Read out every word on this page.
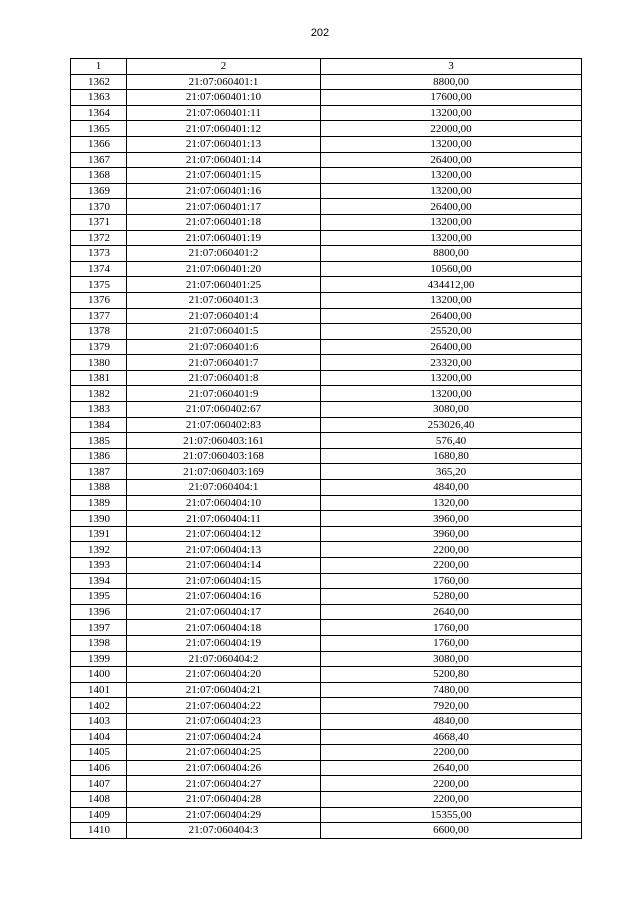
202
1	2	3
1362	21:07:060401:1	8800,00
1363	21:07:060401:10	17600,00
1364	21:07:060401:11	13200,00
1365	21:07:060401:12	22000,00
1366	21:07:060401:13	13200,00
1367	21:07:060401:14	26400,00
1368	21:07:060401:15	13200,00
1369	21:07:060401:16	13200,00
1370	21:07:060401:17	26400,00
1371	21:07:060401:18	13200,00
1372	21:07:060401:19	13200,00
1373	21:07:060401:2	8800,00
1374	21:07:060401:20	10560,00
1375	21:07:060401:25	434412,00
1376	21:07:060401:3	13200,00
1377	21:07:060401:4	26400,00
1378	21:07:060401:5	25520,00
1379	21:07:060401:6	26400,00
1380	21:07:060401:7	23320,00
1381	21:07:060401:8	13200,00
1382	21:07:060401:9	13200,00
1383	21:07:060402:67	3080,00
1384	21:07:060402:83	253026,40
1385	21:07:060403:161	576,40
1386	21:07:060403:168	1680,80
1387	21:07:060403:169	365,20
1388	21:07:060404:1	4840,00
1389	21:07:060404:10	1320,00
1390	21:07:060404:11	3960,00
1391	21:07:060404:12	3960,00
1392	21:07:060404:13	2200,00
1393	21:07:060404:14	2200,00
1394	21:07:060404:15	1760,00
1395	21:07:060404:16	5280,00
1396	21:07:060404:17	2640,00
1397	21:07:060404:18	1760,00
1398	21:07:060404:19	1760,00
1399	21:07:060404:2	3080,00
1400	21:07:060404:20	5200,80
1401	21:07:060404:21	7480,00
1402	21:07:060404:22	7920,00
1403	21:07:060404:23	4840,00
1404	21:07:060404:24	4668,40
1405	21:07:060404:25	2200,00
1406	21:07:060404:26	2640,00
1407	21:07:060404:27	2200,00
1408	21:07:060404:28	2200,00
1409	21:07:060404:29	15355,00
1410	21:07:060404:3	6600,00
